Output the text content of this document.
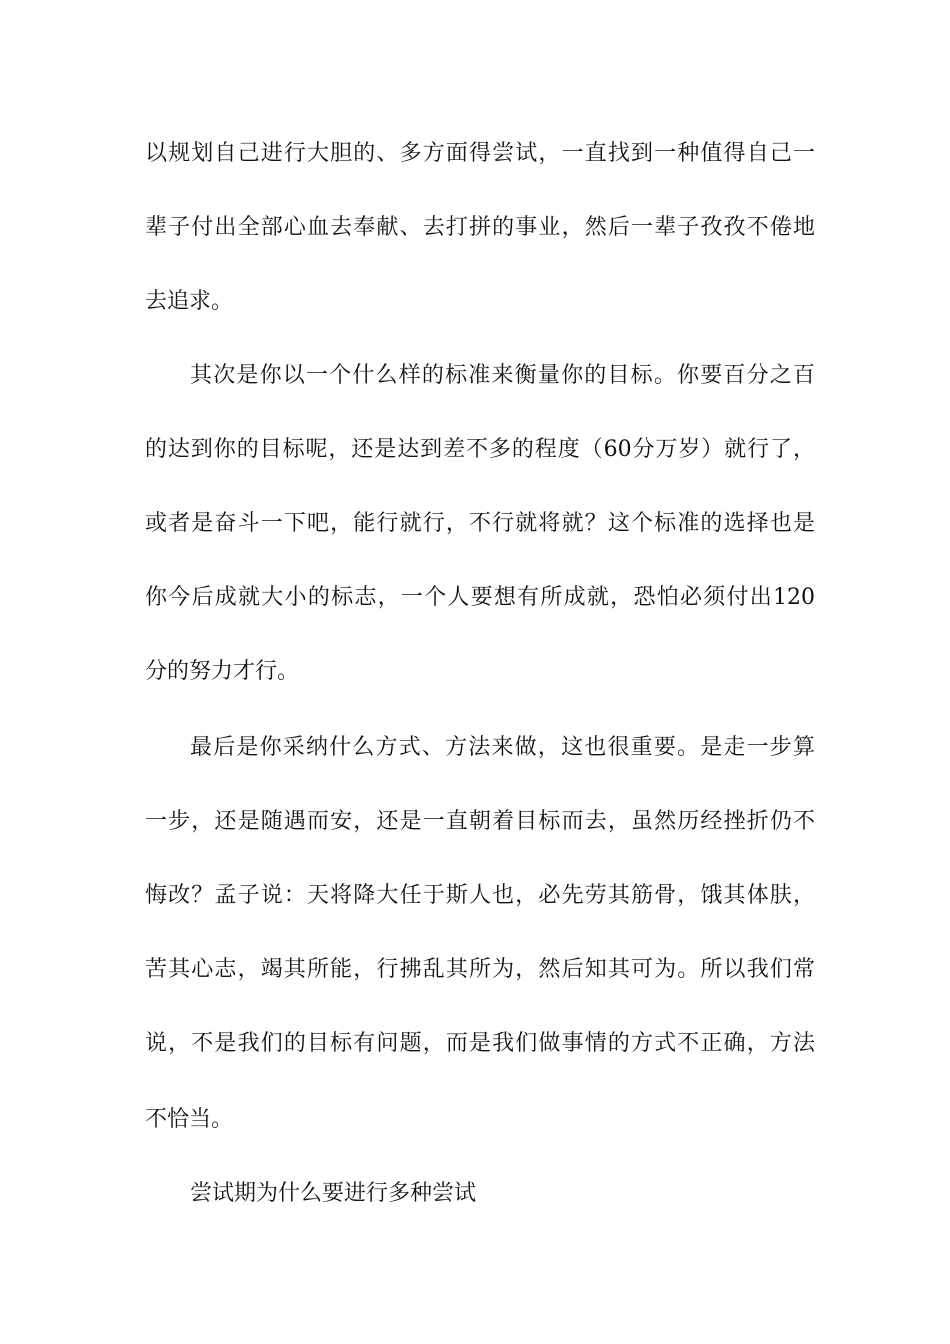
以规划自己进行大胆的、多方面得尝试，一直找到一种值得自己一
辈子付出全部心血去奉献、去打拼的事业，然后一辈子孜孜不倦地
去追求。
其次是你以一个什么样的标准来衡量你的目标。你要百分之百
的达到你的目标呢，还是达到差不多的程度（60分万岁）就行了，
或者是奋斗一下吧，能行就行，不行就将就？这个标准的选择也是
你今后成就大小的标志，一个人要想有所成就，恐怕必须付出120
分的努力才行。
最后是你采纳什么方式、方法来做，这也很重要。是走一步算
一步，还是随遇而安，还是一直朝着目标而去，虽然历经挫折仍不
悔改？孟子说：天将降大任于斯人也，必先劳其筋骨，饿其体肤，
苦其心志，竭其所能，行拂乱其所为，然后知其可为。所以我们常
说，不是我们的目标有问题，而是我们做事情的方式不正确，方法
不恰当。
尝试期为什么要进行多种尝试
